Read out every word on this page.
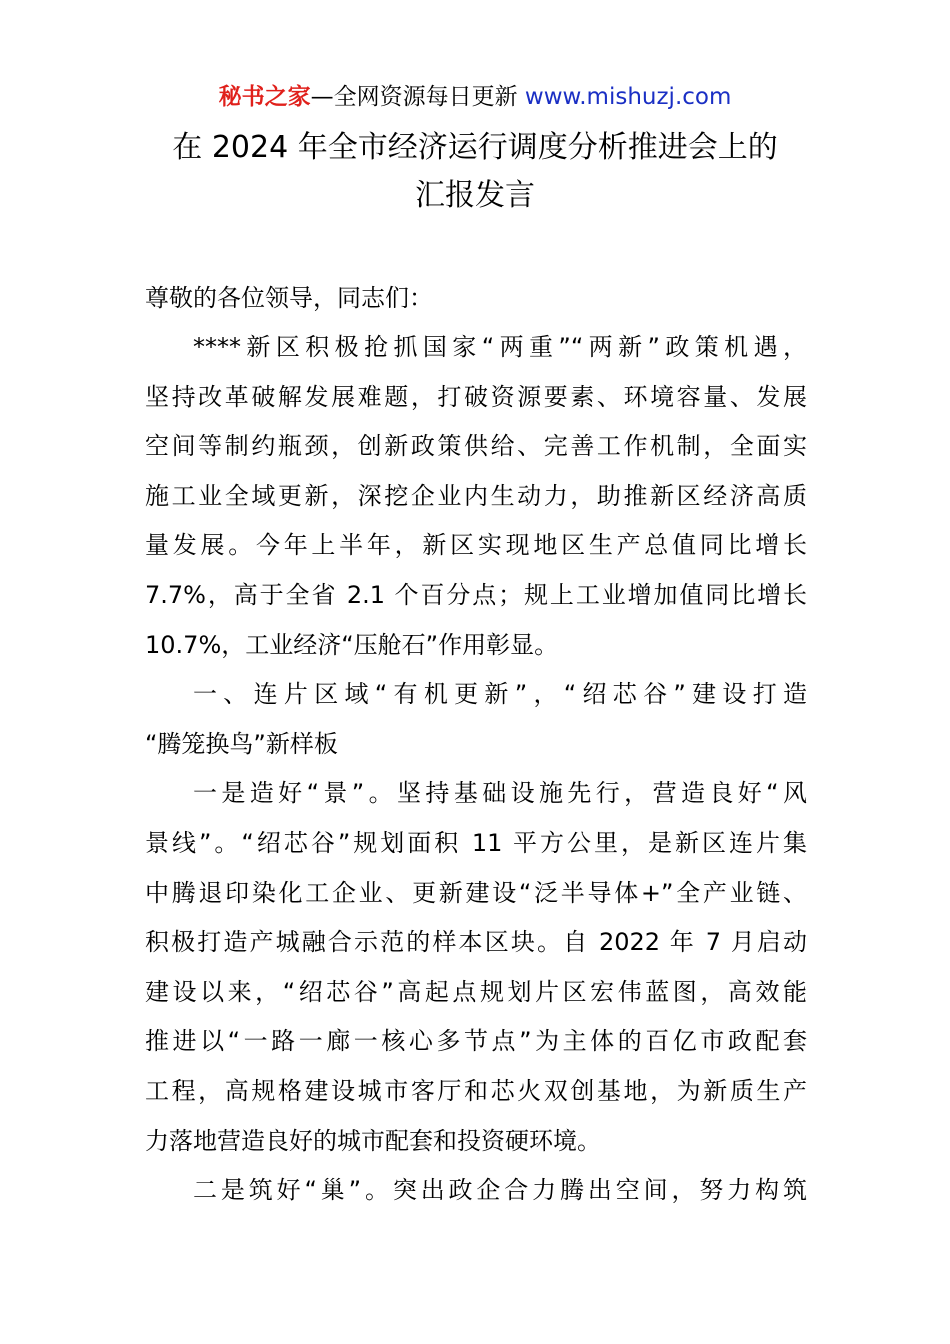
秘书之家—全网资源每日更新 www.mishuzj.com
在 2024 年全市经济运行调度分析推进会上的
汇报发言
尊敬的各位领导，同志们：
****新区积极抢抓国家“两重”“两新”政策机遇，
坚持改革破解发展难题，打破资源要素、环境容量、发展
空间等制约瓶颈，创新政策供给、完善工作机制，全面实
施工业全域更新，深挖企业内生动力，助推新区经济高质
量发展。今年上半年，新区实现地区生产总值同比增长
7.7%，高于全省 2.1 个百分点；规上工业增加值同比增长
10.7%，工业经济“压舱石”作用彰显。
一、连片区域“有机更新”，“绍芯谷”建设打造
“腾笼换鸟”新样板
一是造好“景”。坚持基础设施先行，营造良好“风
景线”。“绍芯谷”规划面积 11 平方公里，是新区连片集
中腾退印染化工企业、更新建设“泛半导体+”全产业链、
积极打造产城融合示范的样本区块。自 2022 年 7 月启动
建设以来，“绍芯谷”高起点规划片区宏伟蓝图，高效能
推进以“一路一廊一核心多节点”为主体的百亿市政配套
工程，高规格建设城市客厅和芯火双创基地，为新质生产
力落地营造良好的城市配套和投资硬环境。
二是筑好“巢”。突出政企合力腾出空间，努力构筑
